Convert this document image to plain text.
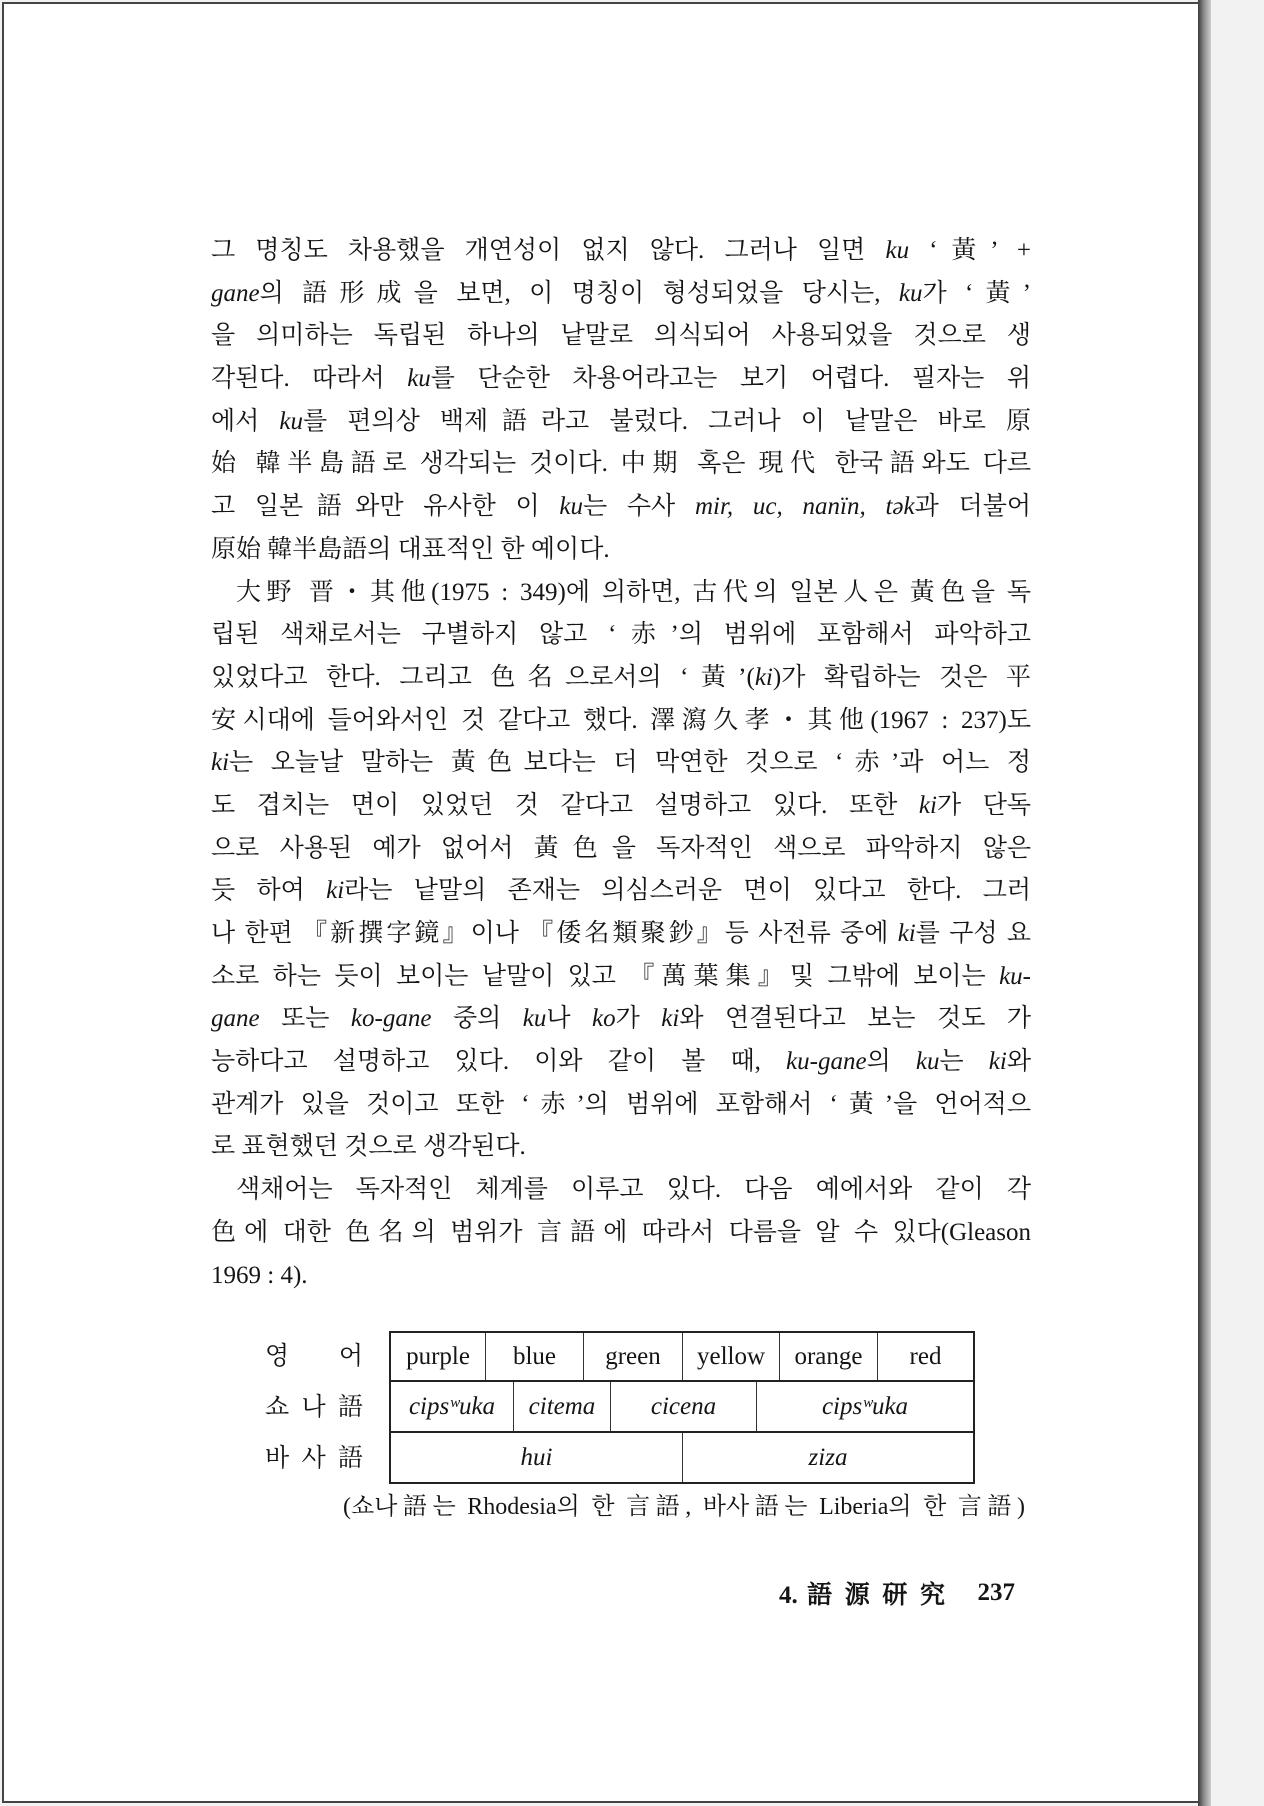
그 명칭도 차용했을 개연성이 없지 않다. 그러나 일면 ku ‘黃’ +
gane의 語形成을 보면, 이 명칭이 형성되었을 당시는, ku가 ‘黃’
을 의미하는 독립된 하나의 낱말로 의식되어 사용되었을 것으로 생
각된다. 따라서 ku를 단순한 차용어라고는 보기 어렵다. 필자는 위
에서 ku를 편의상 백제語라고 불렀다. 그러나 이 낱말은 바로 原
始 韓半島語로 생각되는 것이다. 中期 혹은 現代 한국語와도 다르
고 일본語와만 유사한 이 ku는 수사 mir, uc, nanïn, tək과 더불어
原始 韓半島語의 대표적인 한 예이다.
大野 晋・其他(1975 : 349)에 의하면, 古代의 일본人은 黃色을 독
립된 색채로서는 구별하지 않고 ‘赤’의 범위에 포함해서 파악하고
있었다고 한다. 그리고 色名으로서의 ‘黃’(ki)가 확립하는 것은 平
安시대에 들어와서인 것 같다고 했다. 澤瀉久孝・其他(1967 : 237)도
ki는 오늘날 말하는 黃色보다는 더 막연한 것으로 ‘赤’과 어느 정
도 겹치는 면이 있었던 것 같다고 설명하고 있다. 또한 ki가 단독
으로 사용된 예가 없어서 黃色을 독자적인 색으로 파악하지 않은
듯 하여 ki라는 낱말의 존재는 의심스러운 면이 있다고 한다. 그러
나 한편 『新撰字鏡』이나 『倭名類聚鈔』등 사전류 중에 ki를 구성 요
소로 하는 듯이 보이는 낱말이 있고 『萬葉集』및 그밖에 보이는 ku-
gane 또는 ko-gane 중의 ku나 ko가 ki와 연결된다고 보는 것도 가
능하다고 설명하고 있다. 이와 같이 볼 때, ku-gane의 ku는 ki와
관계가 있을 것이고 또한 ‘赤’의 범위에 포함해서 ‘黃’을 언어적으
로 표현했던 것으로 생각된다.
색채어는 독자적인 체계를 이루고 있다. 다음 예에서와 같이 각
色에 대한 色名의 범위가 言語에 따라서 다름을 알 수 있다(Gleason
1969 : 4).
영 어	purple	blue	green	yellow	orange	red
쇼 나 語	cipsʷuka	citema	cicena	cipsʷuka
바 사 語	hui	ziza
(쇼나語는 Rhodesia의 한 言語, 바사語는 Liberia의 한 言語)
4. 語 源 研 究 237
